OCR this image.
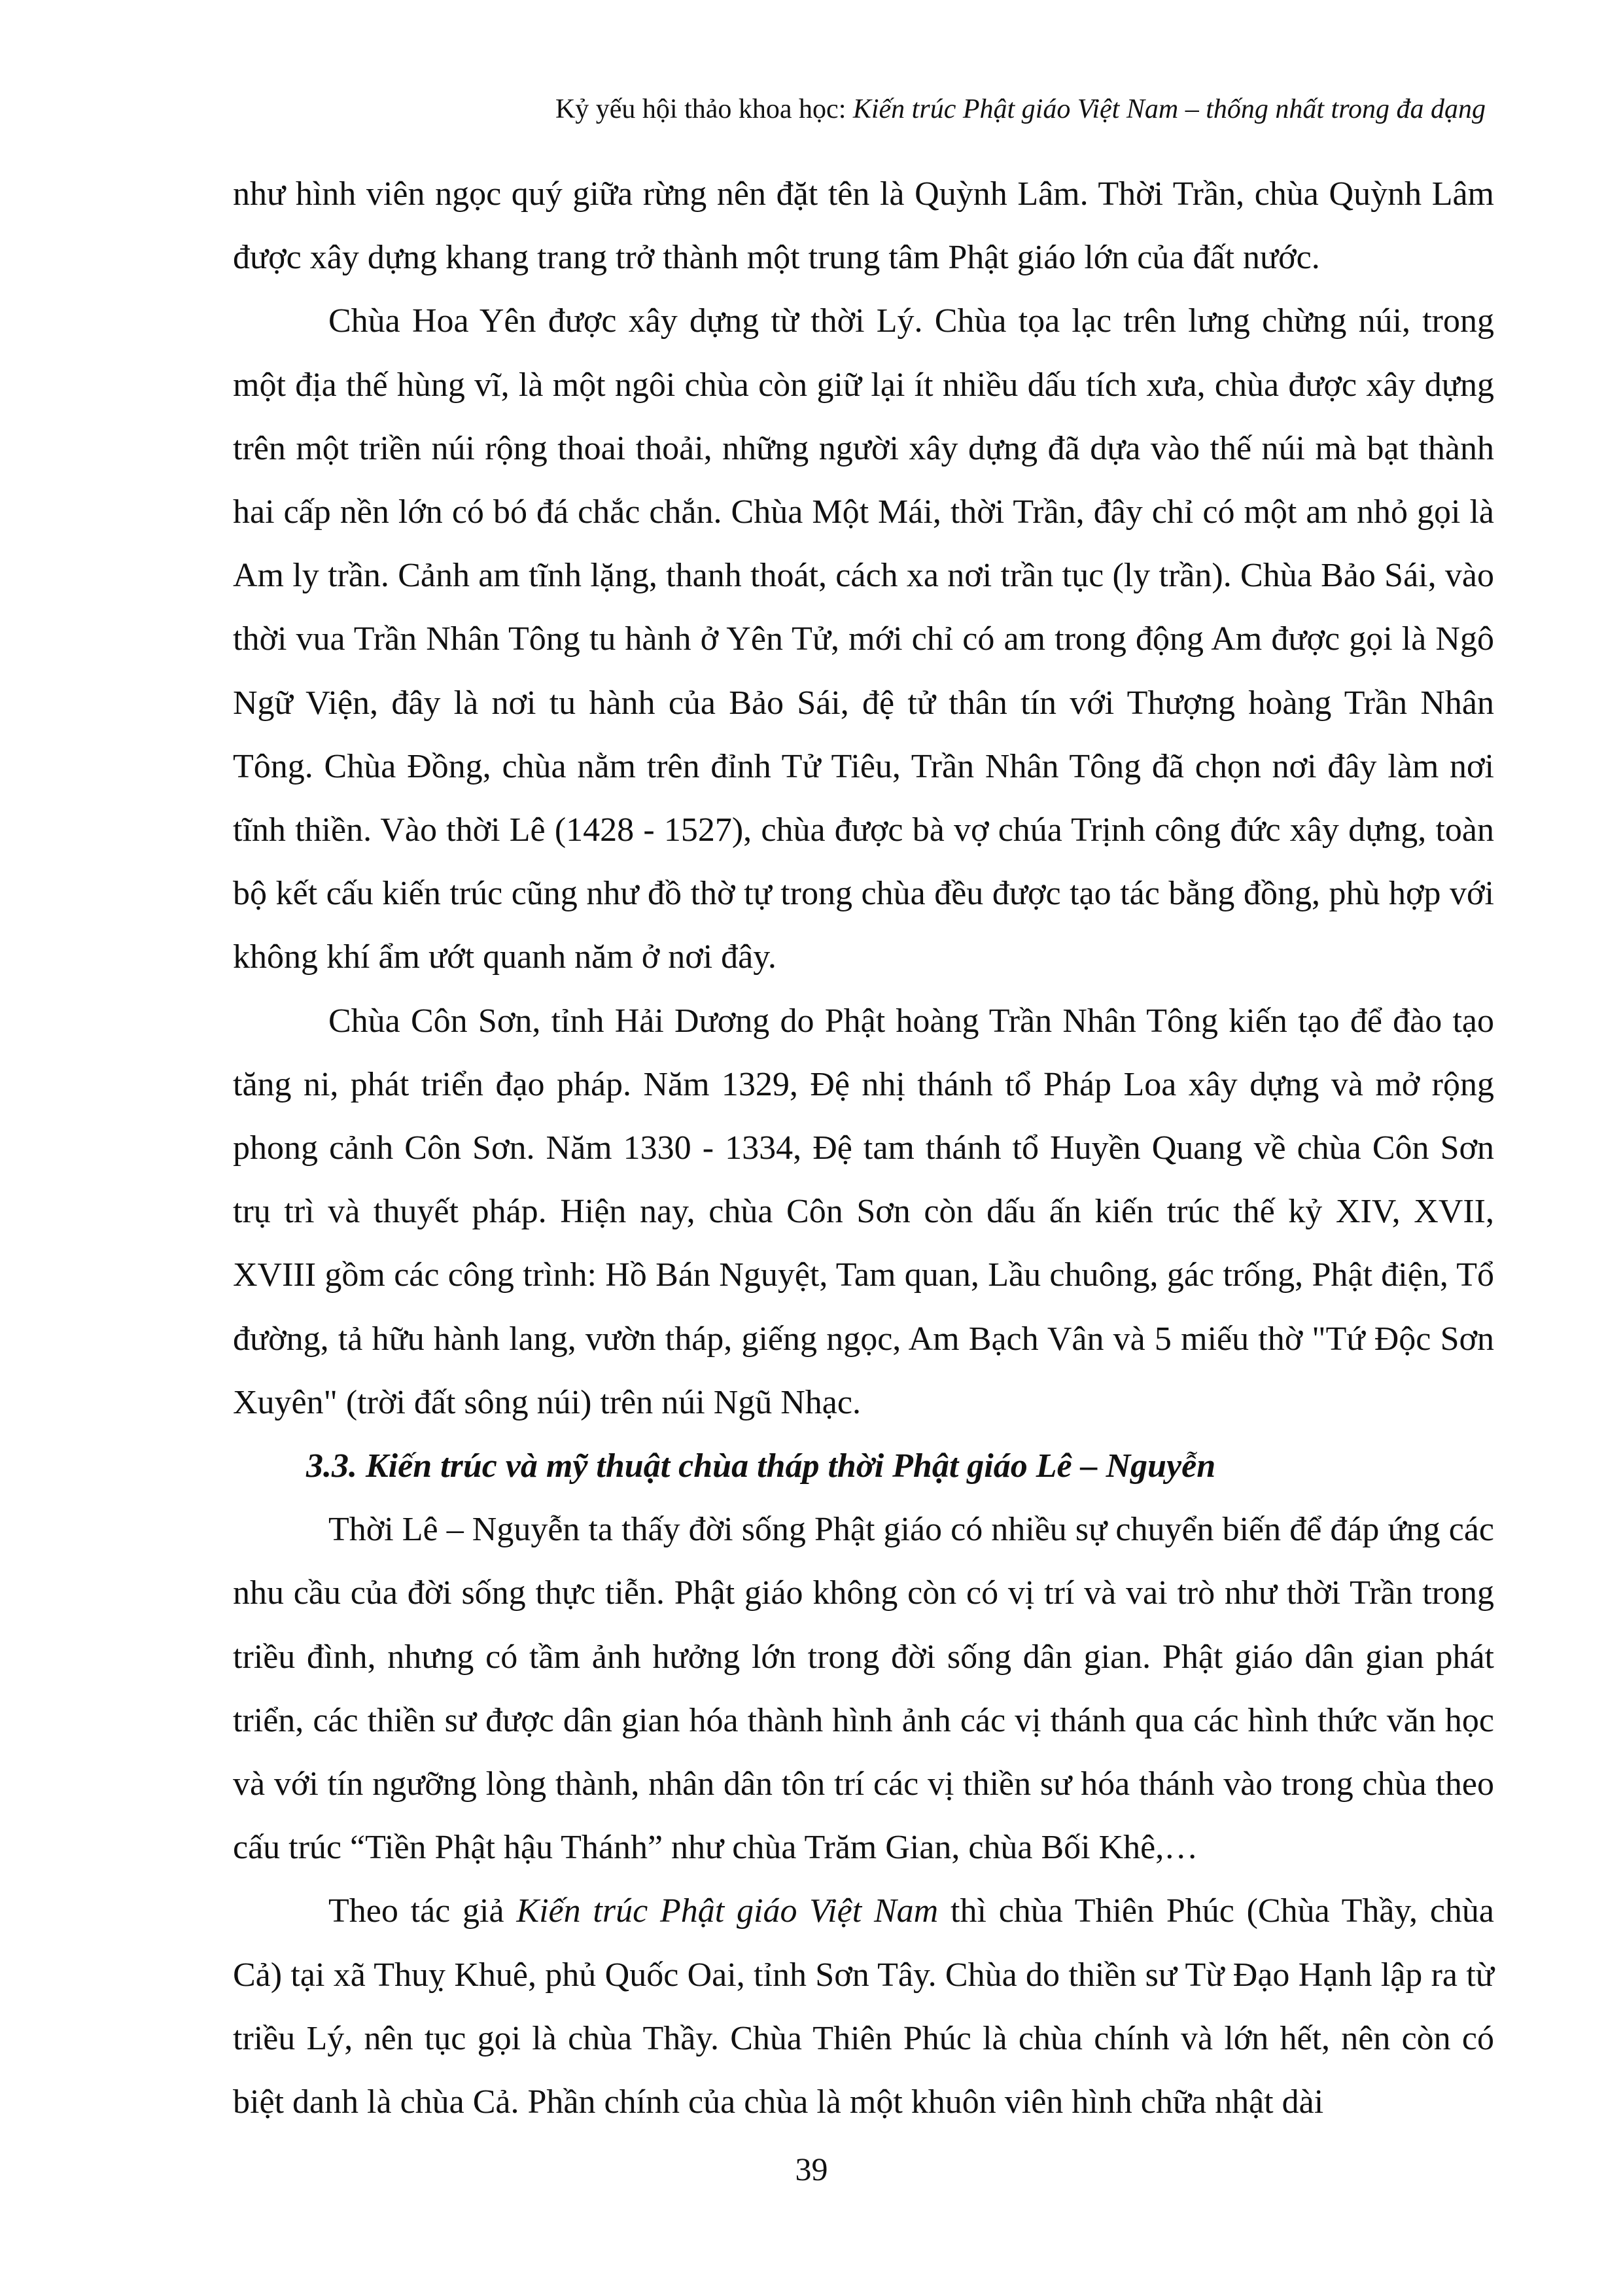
Kỷ yếu hội thảo khoa học: Kiến trúc Phật giáo Việt Nam – thống nhất trong đa dạng

như hình viên ngọc quý giữa rừng nên đặt tên là Quỳnh Lâm. Thời Trần, chùa Quỳnh Lâm được xây dựng khang trang trở thành một trung tâm Phật giáo lớn của đất nước.

Chùa Hoa Yên được xây dựng từ thời Lý. Chùa tọa lạc trên lưng chừng núi, trong một địa thế hùng vĩ, là một ngôi chùa còn giữ lại ít nhiều dấu tích xưa, chùa được xây dựng trên một triền núi rộng thoai thoải, những người xây dựng đã dựa vào thế núi mà bạt thành hai cấp nền lớn có bó đá chắc chắn. Chùa Một Mái, thời Trần, đây chỉ có một am nhỏ gọi là Am ly trần. Cảnh am tĩnh lặng, thanh thoát, cách xa nơi trần tục (ly trần). Chùa Bảo Sái, vào thời vua Trần Nhân Tông tu hành ở Yên Tử, mới chỉ có am trong động Am được gọi là Ngô Ngữ Viện, đây là nơi tu hành của Bảo Sái, đệ tử thân tín với Thượng hoàng Trần Nhân Tông. Chùa Đồng, chùa nằm trên đỉnh Tử Tiêu, Trần Nhân Tông đã chọn nơi đây làm nơi tĩnh thiền. Vào thời Lê (1428 - 1527), chùa được bà vợ chúa Trịnh công đức xây dựng, toàn bộ kết cấu kiến trúc cũng như đồ thờ tự trong chùa đều được tạo tác bằng đồng, phù hợp với không khí ẩm ướt quanh năm ở nơi đây.

Chùa Côn Sơn, tỉnh Hải Dương do Phật hoàng Trần Nhân Tông kiến tạo để đào tạo tăng ni, phát triển đạo pháp. Năm 1329, Đệ nhị thánh tổ Pháp Loa xây dựng và mở rộng phong cảnh Côn Sơn. Năm 1330 - 1334, Đệ tam thánh tổ Huyền Quang về chùa Côn Sơn trụ trì và thuyết pháp. Hiện nay, chùa Côn Sơn còn dấu ấn kiến trúc thế kỷ XIV, XVII, XVIII gồm các công trình: Hồ Bán Nguyệt, Tam quan, Lầu chuông, gác trống, Phật điện, Tổ đường, tả hữu hành lang, vườn tháp, giếng ngọc, Am Bạch Vân và 5 miếu thờ "Tứ Độc Sơn Xuyên" (trời đất sông núi) trên núi Ngũ Nhạc.

3.3. Kiến trúc và mỹ thuật chùa tháp thời Phật giáo Lê – Nguyễn

Thời Lê – Nguyễn ta thấy đời sống Phật giáo có nhiều sự chuyển biến để đáp ứng các nhu cầu của đời sống thực tiễn. Phật giáo không còn có vị trí và vai trò như thời Trần trong triều đình, nhưng có tầm ảnh hưởng lớn trong đời sống dân gian. Phật giáo dân gian phát triển, các thiền sư được dân gian hóa thành hình ảnh các vị thánh qua các hình thức văn học và với tín ngưỡng lòng thành, nhân dân tôn trí các vị thiền sư hóa thánh vào trong chùa theo cấu trúc “Tiền Phật hậu Thánh” như chùa Trăm Gian, chùa Bối Khê,…

Theo tác giả Kiến trúc Phật giáo Việt Nam thì chùa Thiên Phúc (Chùa Thầy, chùa Cả) tại xã Thuỵ Khuê, phủ Quốc Oai, tỉnh Sơn Tây. Chùa do thiền sư Từ Đạo Hạnh lập ra từ triều Lý, nên tục gọi là chùa Thầy. Chùa Thiên Phúc là chùa chính và lớn hết, nên còn có biệt danh là chùa Cả. Phần chính của chùa là một khuôn viên hình chữa nhật dài

39
